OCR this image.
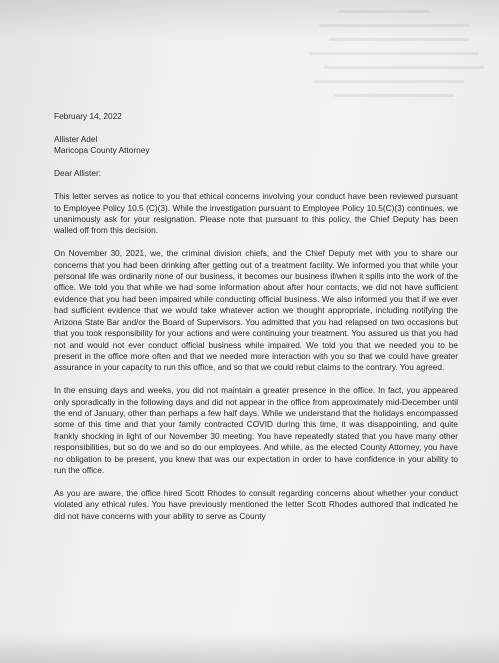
February 14, 2022

Allister Adel

Maricopa County Attorney

Dear Allister:

This letter serves as notice to you that ethical concerns involving your conduct have been reviewed pursuant to Employee Policy 10.5 (C)(3). While the investigation pursuant to Employee Policy 10.5(C)(3) continues, we unanimously ask for your resignation. Please note that pursuant to this policy, the Chief Deputy has been walled off from this decision.

On November 30, 2021, we, the criminal division chiefs, and the Chief Deputy met with you to share our concerns that you had been drinking after getting out of a treatment facility. We informed you that while your personal life was ordinarily none of our business, it becomes our business if/when it spills into the work of the office. We told you that while we had some information about after hour contacts, we did not have sufficient evidence that you had been impaired while conducting official business. We also informed you that if we ever had sufficient evidence that we would take whatever action we thought appropriate, including notifying the Arizona State Bar and/or the Board of Supervisors. You admitted that you had relapsed on two occasions but that you took responsibility for your actions and were continuing your treatment. You assured us that you had not and would not ever conduct official business while impaired. We told you that we needed you to be present in the office more often and that we needed more interaction with you so that we could have greater assurance in your capacity to run this office, and so that we could rebut claims to the contrary. You agreed.

In the ensuing days and weeks, you did not maintain a greater presence in the office. In fact, you appeared only sporadically in the following days and did not appear in the office from approximately mid-December until the end of January, other than perhaps a few half days. While we understand that the holidays encompassed some of this time and that your family contracted COVID during this time, it was disappointing, and quite frankly shocking in light of our November 30 meeting. You have repeatedly stated that you have many other responsibilities, but so do we and so do our employees. And while, as the elected County Attorney, you have no obligation to be present, you knew that was our expectation in order to have confidence in your ability to run the office.

As you are aware, the office hired Scott Rhodes to consult regarding concerns about whether your conduct violated any ethical rules. You have previously mentioned the letter Scott Rhodes authored that indicated he did not have concerns with your ability to serve as County
